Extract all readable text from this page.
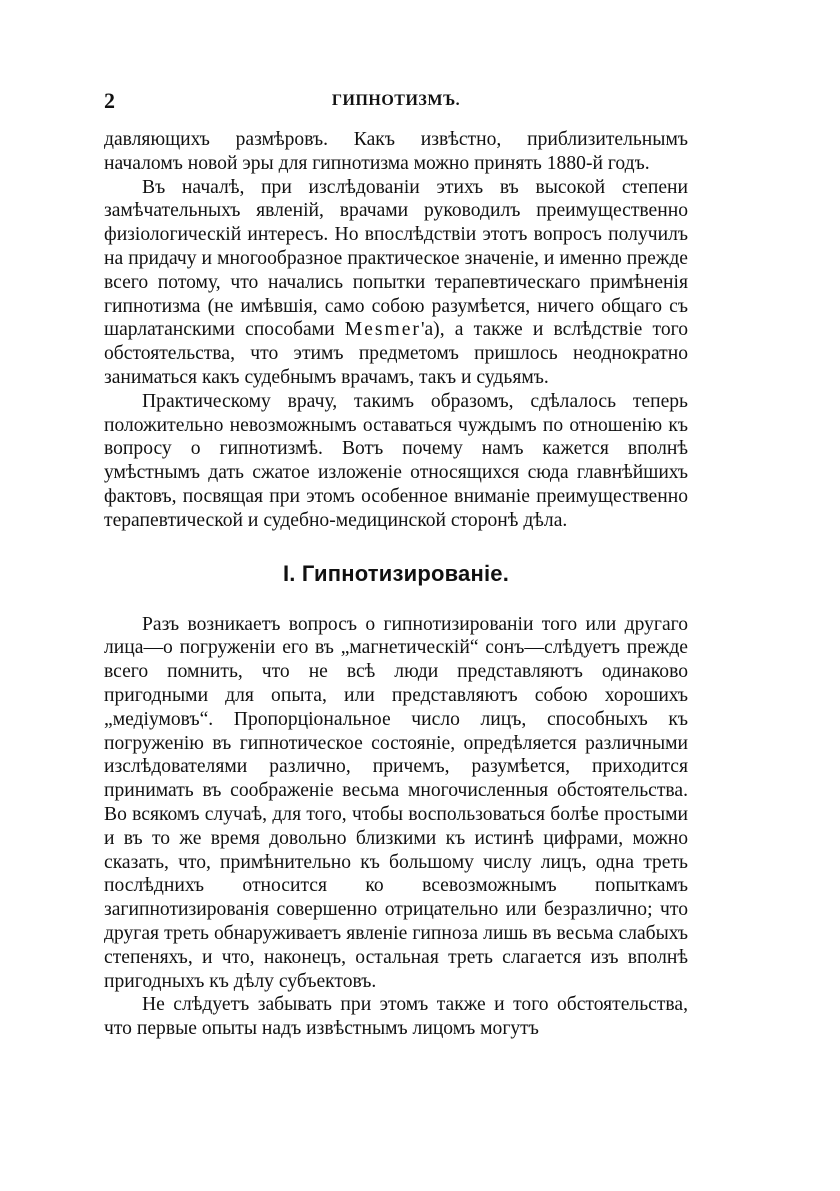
2	ГИПНОТИЗМЪ.

давляющихъ размѣровъ. Какъ извѣстно, приблизительнымъ началомъ новой эры для гипнотизма можно принять 1880-й годъ.

Въ началѣ, при изслѣдованіи этихъ въ высокой степени замѣчательныхъ явленій, врачами руководилъ преимущественно физіологическій интересъ. Но впослѣдствіи этотъ вопросъ получилъ на придачу и многообразное практическое значеніе, и именно прежде всего потому, что начались попытки терапевтическаго примѣненія гипнотизма (не имѣвшія, само собою разумѣется, ничего общаго съ шарлатанскими способами Mesmer'a), а также и вслѣдствіе того обстоятельства, что этимъ предметомъ пришлось неоднократно заниматься какъ судебнымъ врачамъ, такъ и судьямъ.

Практическому врачу, такимъ образомъ, сдѣлалось теперь положительно невозможнымъ оставаться чуждымъ по отношенію къ вопросу о гипнотизмѣ. Вотъ почему намъ кажется вполнѣ умѣстнымъ дать сжатое изложеніе относящихся сюда главнѣйшихъ фактовъ, посвящая при этомъ особенное вниманіе преимущественно терапевтической и судебно-медицинской сторонѣ дѣла.

I. Гипнотизированіе.

Разъ возникаетъ вопросъ о гипнотизированіи того или другаго лица—о погруженіи его въ „магнетическій“ сонъ—слѣдуетъ прежде всего помнить, что не всѣ люди представляютъ одинаково пригодными для опыта, или представляютъ собою хорошихъ „медіумовъ“. Пропорціональное число лицъ, способныхъ къ погруженію въ гипнотическое состояніе, опредѣляется различными изслѣдователями различно, причемъ, разумѣется, приходится принимать въ соображеніе весьма многочисленныя обстоятельства. Во всякомъ случаѣ, для того, чтобы воспользоваться болѣе простыми и въ то же время довольно близкими къ истинѣ цифрами, можно сказать, что, примѣнительно къ большому числу лицъ, одна треть послѣднихъ относится ко всевозможнымъ попыткамъ загипнотизированія совершенно отрицательно или безразлично; что другая треть обнаруживаетъ явленіе гипноза лишь въ весьма слабыхъ степеняхъ, и что, наконецъ, остальная треть слагается изъ вполнѣ пригодныхъ къ дѣлу субъектовъ.

Не слѣдуетъ забывать при этомъ также и того обстоятельства, что первые опыты надъ извѣстнымъ лицомъ могутъ
